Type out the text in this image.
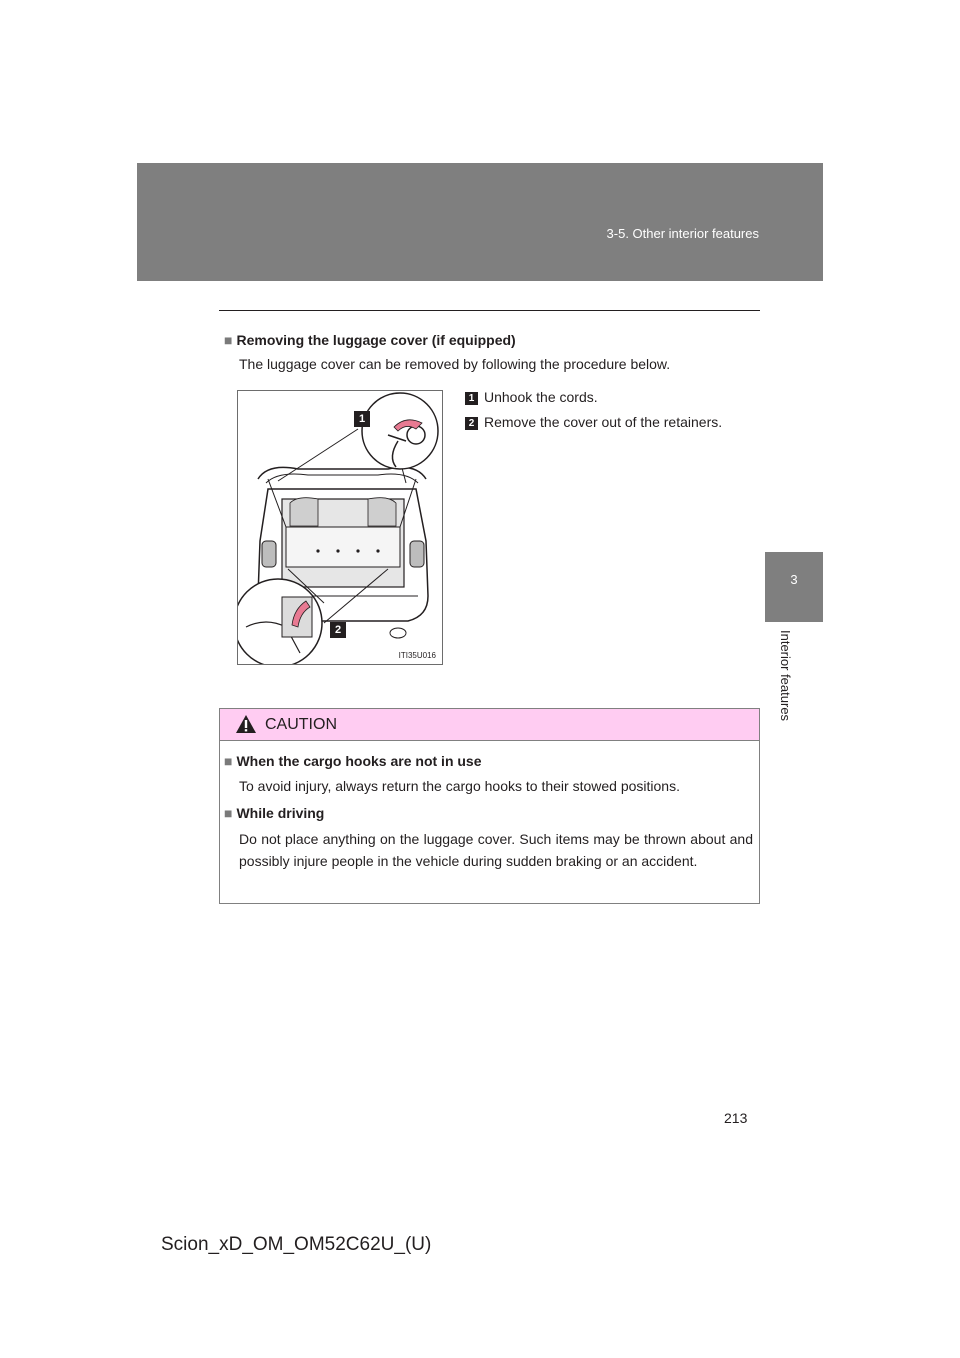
3-5. Other interior features
3
Interior features
■ Removing the luggage cover (if equipped)
The luggage cover can be removed by following the procedure below.
1
2
ITI35U016
1 Unhook the cords.
2 Remove the cover out of the retainers.
CAUTION
■ When the cargo hooks are not in use
To avoid injury, always return the cargo hooks to their stowed positions.
■ While driving
Do not place anything on the luggage cover. Such items may be thrown about and possibly injure people in the vehicle during sudden braking or an accident.
213
Scion_xD_OM_OM52C62U_(U)
